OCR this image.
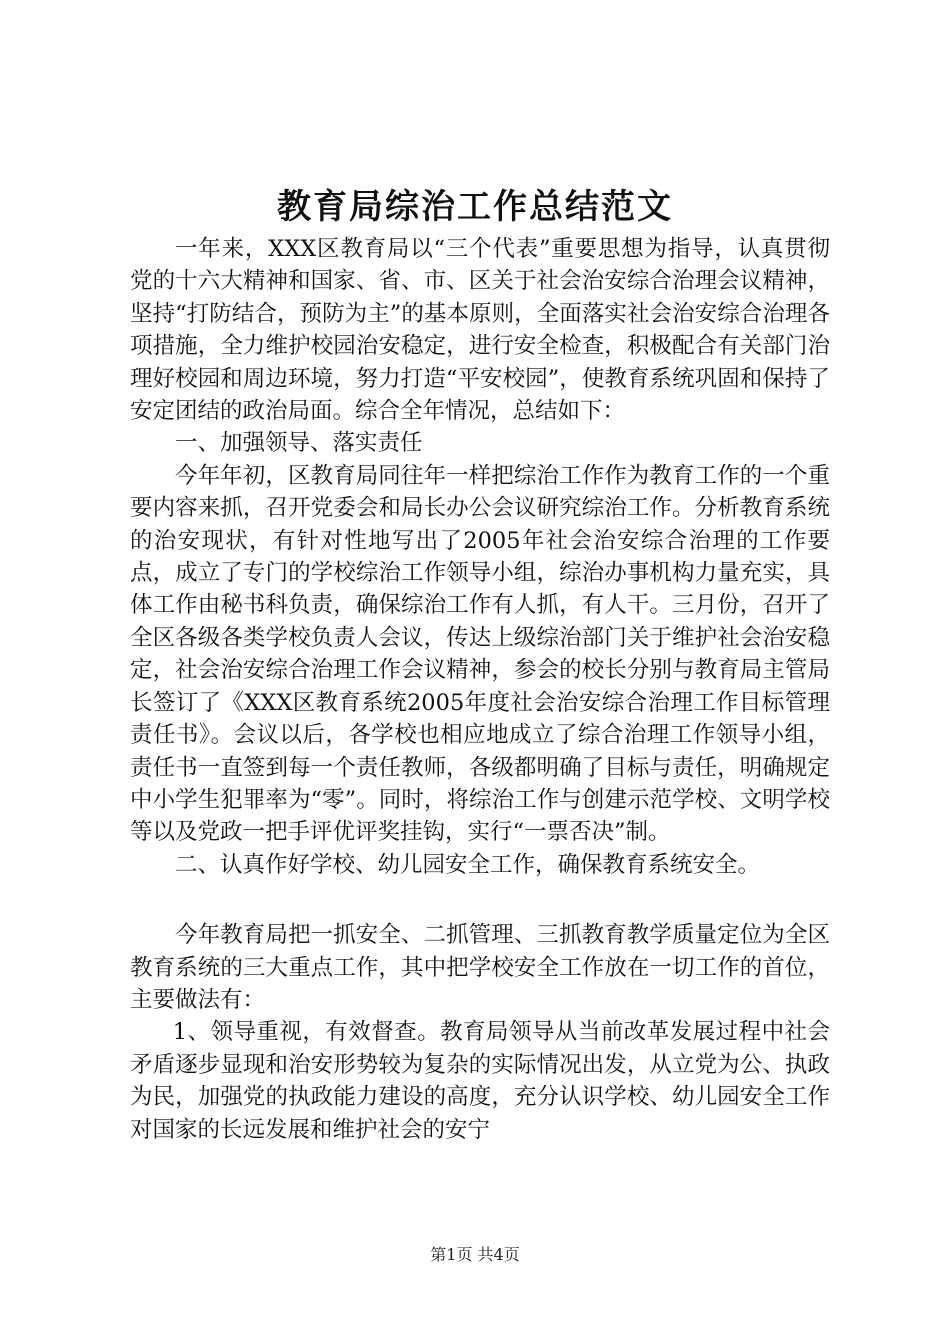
教育局综治工作总结范文

一年来，XXX区教育局以“三个代表”重要思想为指导，认真贯彻党的十六大精神和国家、省、市、区关于社会治安综合治理会议精神，坚持“打防结合，预防为主”的基本原则，全面落实社会治安综合治理各项措施，全力维护校园治安稳定，进行安全检查，积极配合有关部门治理好校园和周边环境，努力打造“平安校园”，使教育系统巩固和保持了安定团结的政治局面。综合全年情况，总结如下：

一、加强领导、落实责任

今年年初，区教育局同往年一样把综治工作作为教育工作的一个重要内容来抓，召开党委会和局长办公会议研究综治工作。分析教育系统的治安现状，有针对性地写出了2005年社会治安综合治理的工作要点，成立了专门的学校综治工作领导小组，综治办事机构力量充实，具体工作由秘书科负责，确保综治工作有人抓，有人干。三月份，召开了全区各级各类学校负责人会议，传达上级综治部门关于维护社会治安稳定，社会治安综合治理工作会议精神，参会的校长分别与教育局主管局长签订了《XXX区教育系统2005年度社会治安综合治理工作目标管理责任书》。会议以后，各学校也相应地成立了综合治理工作领导小组，责任书一直签到每一个责任教师，各级都明确了目标与责任，明确规定中小学生犯罪率为“零”。同时，将综治工作与创建示范学校、文明学校等以及党政一把手评优评奖挂钩，实行“一票否决”制。

二、认真作好学校、幼儿园安全工作，确保教育系统安全。

今年教育局把一抓安全、二抓管理、三抓教育教学质量定位为全区教育系统的三大重点工作，其中把学校安全工作放在一切工作的首位，主要做法有：

1、领导重视，有效督查。教育局领导从当前改革发展过程中社会矛盾逐步显现和治安形势较为复杂的实际情况出发，从立党为公、执政为民，加强党的执政能力建设的高度，充分认识学校、幼儿园安全工作对国家的长远发展和维护社会的安宁

第1页 共4页
